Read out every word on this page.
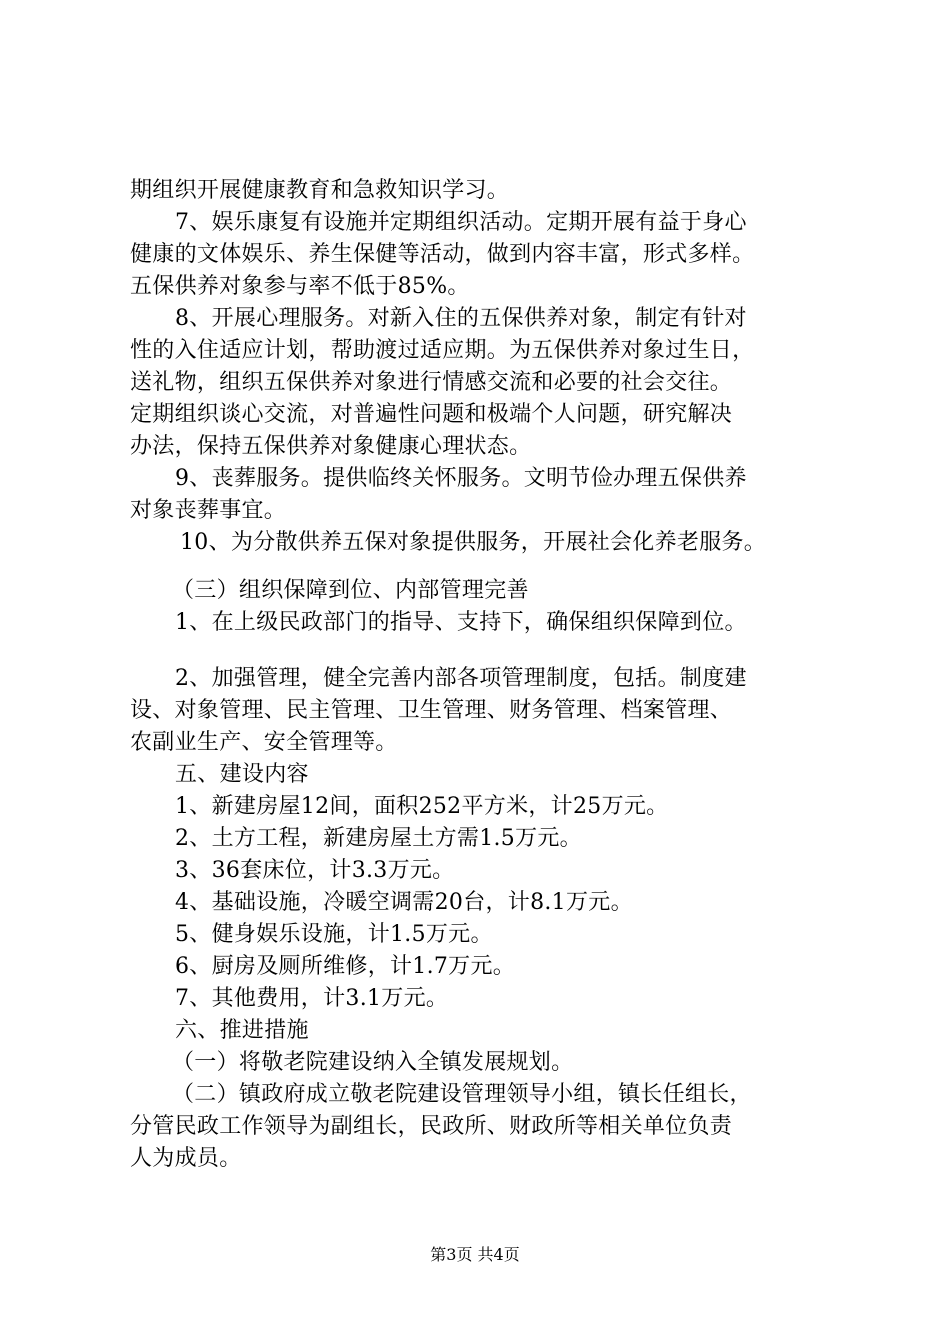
期组织开展健康教育和急救知识学习。
7、娱乐康复有设施并定期组织活动。定期开展有益于身心
健康的文体娱乐、养生保健等活动，做到内容丰富，形式多样。
五保供养对象参与率不低于85%。
8、开展心理服务。对新入住的五保供养对象，制定有针对
性的入住适应计划，帮助渡过适应期。为五保供养对象过生日，
送礼物，组织五保供养对象进行情感交流和必要的社会交往。
定期组织谈心交流，对普遍性问题和极端个人问题，研究解决
办法，保持五保供养对象健康心理状态。
9、丧葬服务。提供临终关怀服务。文明节俭办理五保供养
对象丧葬事宜。
10、为分散供养五保对象提供服务，开展社会化养老服务。
（三）组织保障到位、内部管理完善
1、在上级民政部门的指导、支持下，确保组织保障到位。
2、加强管理，健全完善内部各项管理制度，包括。制度建
设、对象管理、民主管理、卫生管理、财务管理、档案管理、
农副业生产、安全管理等。
五、建设内容
1、新建房屋12间，面积252平方米，计25万元。
2、土方工程，新建房屋土方需1.5万元。
3、36套床位，计3.3万元。
4、基础设施，冷暖空调需20台，计8.1万元。
5、健身娱乐设施，计1.5万元。
6、厨房及厕所维修，计1.7万元。
7、其他费用，计3.1万元。
六、推进措施
（一）将敬老院建设纳入全镇发展规划。
（二）镇政府成立敬老院建设管理领导小组，镇长任组长，
分管民政工作领导为副组长，民政所、财政所等相关单位负责
人为成员。
第3页 共4页
